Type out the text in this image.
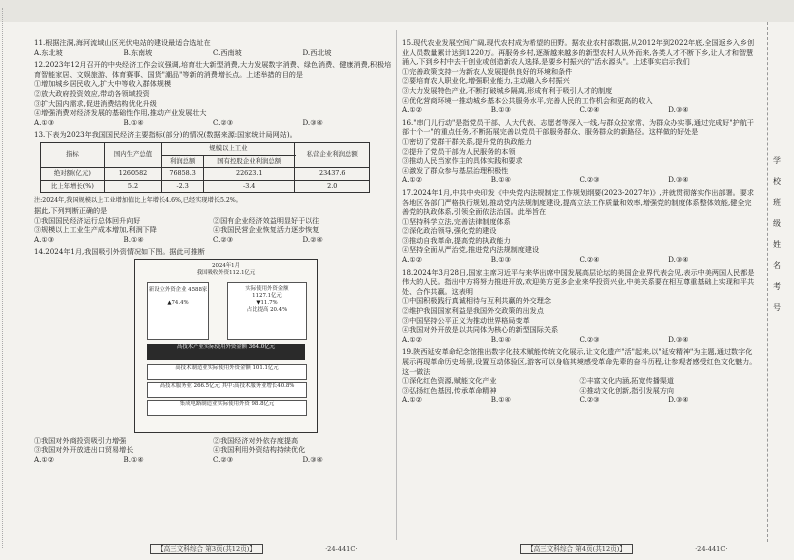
11.根据注洞,海河流域山区光伏电站的建设最适合选址在

A.东北坡	B.东南坡	C.西南坡	D.西北坡

12.2023年12月召开的中央经济工作会议强调,培育壮大新型消费,大力发展数字消费、绿色消费、健康消费,积极培育智能家居、文娱旅游、体育赛事、国货"潮品"等新的消费增长点。上述举措的目的是

①增加城乡居民收入,扩大中等收入群体规模

②放大政府投资效应,带动各领域投资

③扩大国内需求,促进消费结构优化升级

④增强消费对经济发展的基础性作用,推动产业发展壮大

A.①③	B.①④	C.②③	D.③④

13.下表为2023年我国国民经济主要指标(部分)的情况(数据来源:国家统计局网站)。

指标	国内生产总值	规模以上工业		私营企业利润总额
		利润总额	国有控股企业利润总额	
绝对额(亿元)	1260582	76858.3	22623.1	23437.6
比上年增长(%)	5.2	-2.3	-3.4	2.0

注:2024年,我国规模以上工业增加值比上年增长4.6%,已经实现增长5.2%。

据此,下列判断正确的是

①我国国民经济运行总体回升向好	②国有企业经济效益明显好于以往
③规模以上工业生产成本增加,利润下降	④我国民营企业恢复活力逐步恢复
A.①③	B.①④	C.②③	D.②④

14.2024年1月,我国吸引外资情况如下图。据此可推断

2024年1月
我国吸收外资112.1亿元
新设立外资企业 4588家
▲74.4%
实际使用外资金额
1127.1亿元
▼11.7%
占比提高 20.4%
高技术产业实际使用外资金额 364.0亿元
高技术制造业实际使用外资金额 101.1亿元
高技术服务业 266.5亿元 其中:高技术服务业增长40.8%
集成电路制造业实际使用外资 98.8亿元
①我国对外商投资吸引力增强	②我国经济对外依存度提高
③我国对外开放进出口贸易增长	④我国利用外资结构持续优化
A.①②	B.①④	C.②③	D.③④

15.现代农业发展空间广阔,现代农村成为希望的田野。据农业农村部数据,从2012年到2022年底,全国返乡入乡创业人员数量累计达到1220万。再服务乡村,逐渐越来越多的新型农村人从外而来,各类人才不断下乡,让人才和智慧涌入,下到乡村中去干创业或创造新农人选择,是要乡村振兴的"活水源头"。上述事实启示我们

①完善政策支持一为新农人发展提供良好的环境和条件

②要培育农人职业化,增强职业能力,主动融入乡村振兴

③大力发展特色产业,不断打破城乡隔离,形成有利于吸引人才的制度

④优化营商环境一推动城乡基本公共服务水平,完善人民的工作机会和更高的收入

A.①②	B.①③	C.②④	D.③④

16."串门儿行动"是指党员干部、人大代表、志愿者等深入一线,与群众拉家常、为群众办实事,通过完成好"护航干部十个一"的重点任务,不断拓展完善以党员干部服务群众、服务群众的新路径。这样做的好处是

①密切了党群干群关系,提升党的执政能力

②提升了党员干部为人民服务的本领

③推动人民当家作主的具体实践和要求

④激发了群众参与基层治理积极性

A.①②	B.①④	C.②③	D.③④

17.2024年1月,中共中央印发《中央党内法规制定工作规划纲要(2023-2027年)》,并就贯彻落实作出部署。要求各地区各部门严格执行规划,推动党内法规制度建设,提高立法工作质量和效率,增强党的制度体系整体效能,健全完善党的执政体系,引领全面依法治国。此举旨在

①坚持科学立法,完善法律制度体系

②深化政治领导,强化党的建设

③推动自我革命,提高党的执政能力

④坚持全面从严治党,推进党内法规制度建设

A.①②	B.①③	C.②④	D.③④

18.2024年3月28日,国家主席习近平与来华出席中国发展高层论坛的美国企业界代表会见,表示中美两国人民都是伟大的人民。指出中方将努力推进开放,欢迎美方更多企业来华投资兴业,中美关系要在相互尊重基础上实现和平共处、合作共赢。这表明

①中国积极践行真诚相待与互利共赢的外交理念

②维护我国国家利益是我国外交政策的出发点

③中国坚持公平正义为推动世界格局变革

④我国对外开放是以共同体为核心的新型国际关系

A.①②	B.①④	C.②③	D.③④

19.陕西延安革命纪念馆推出数字化技术赋能传统文化展示,让文化遗产"活"起来,以"延安精神"为主题,通过数字化展示再现革命历史场景,设置互动体验区,游客可以身临其境感受革命先辈的奋斗历程,让参观者感受红色文化魅力。这一做法

①深化红色资源,赋能文化产业	②丰富文化内涵,拓宽传播渠道
③弘扬红色基因,传承革命精神	④推动文化创新,指引发展方向
A.①②	B.①④	C.②③	D.③④
【高三文科综合 第3页(共12页)】	·24-441C·	【高三文科综合 第4页(共12页)】	·24-441C·
学
校
班
级
姓
名
考
号
